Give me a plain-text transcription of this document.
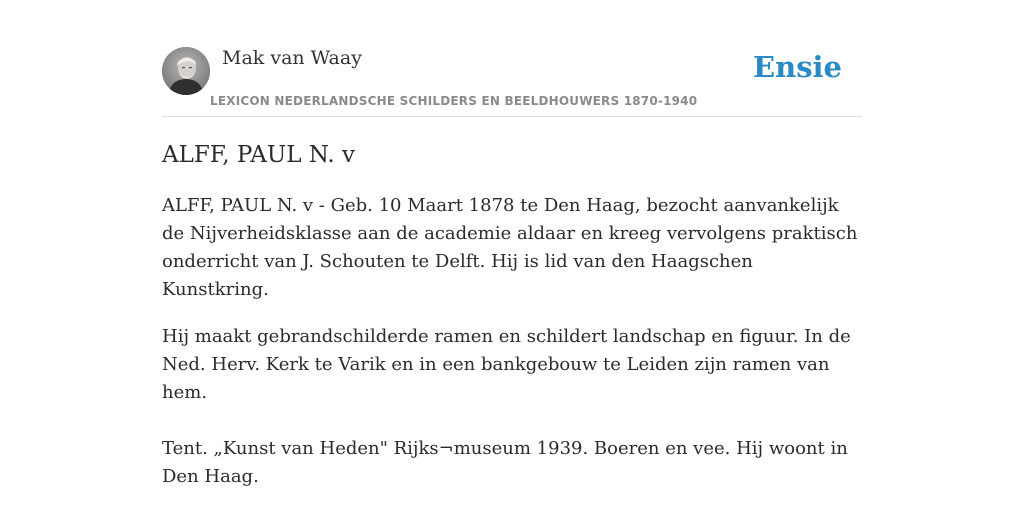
Mak van Waay
LEXICON NEDERLANDSCHE SCHILDERS EN BEELDHOUWERS 1870-1940
Ensie
ALFF, PAUL N. v

ALFF, PAUL N. v - Geb. 10 Maart 1878 te Den Haag, bezocht aanvankelijk de Nijverheidsklasse aan de academie aldaar en kreeg vervolgens praktisch onderricht van J. Schouten te Delft. Hij is lid van den Haagschen Kunstkring.

Hij maakt gebrandschilderde ramen en schildert landschap en figuur. In de Ned. Herv. Kerk te Varik en in een bankgebouw te Leiden zijn ramen van hem.

Tent. „Kunst van Heden" Rijks¬museum 1939. Boeren en vee. Hij woont in Den Haag.
